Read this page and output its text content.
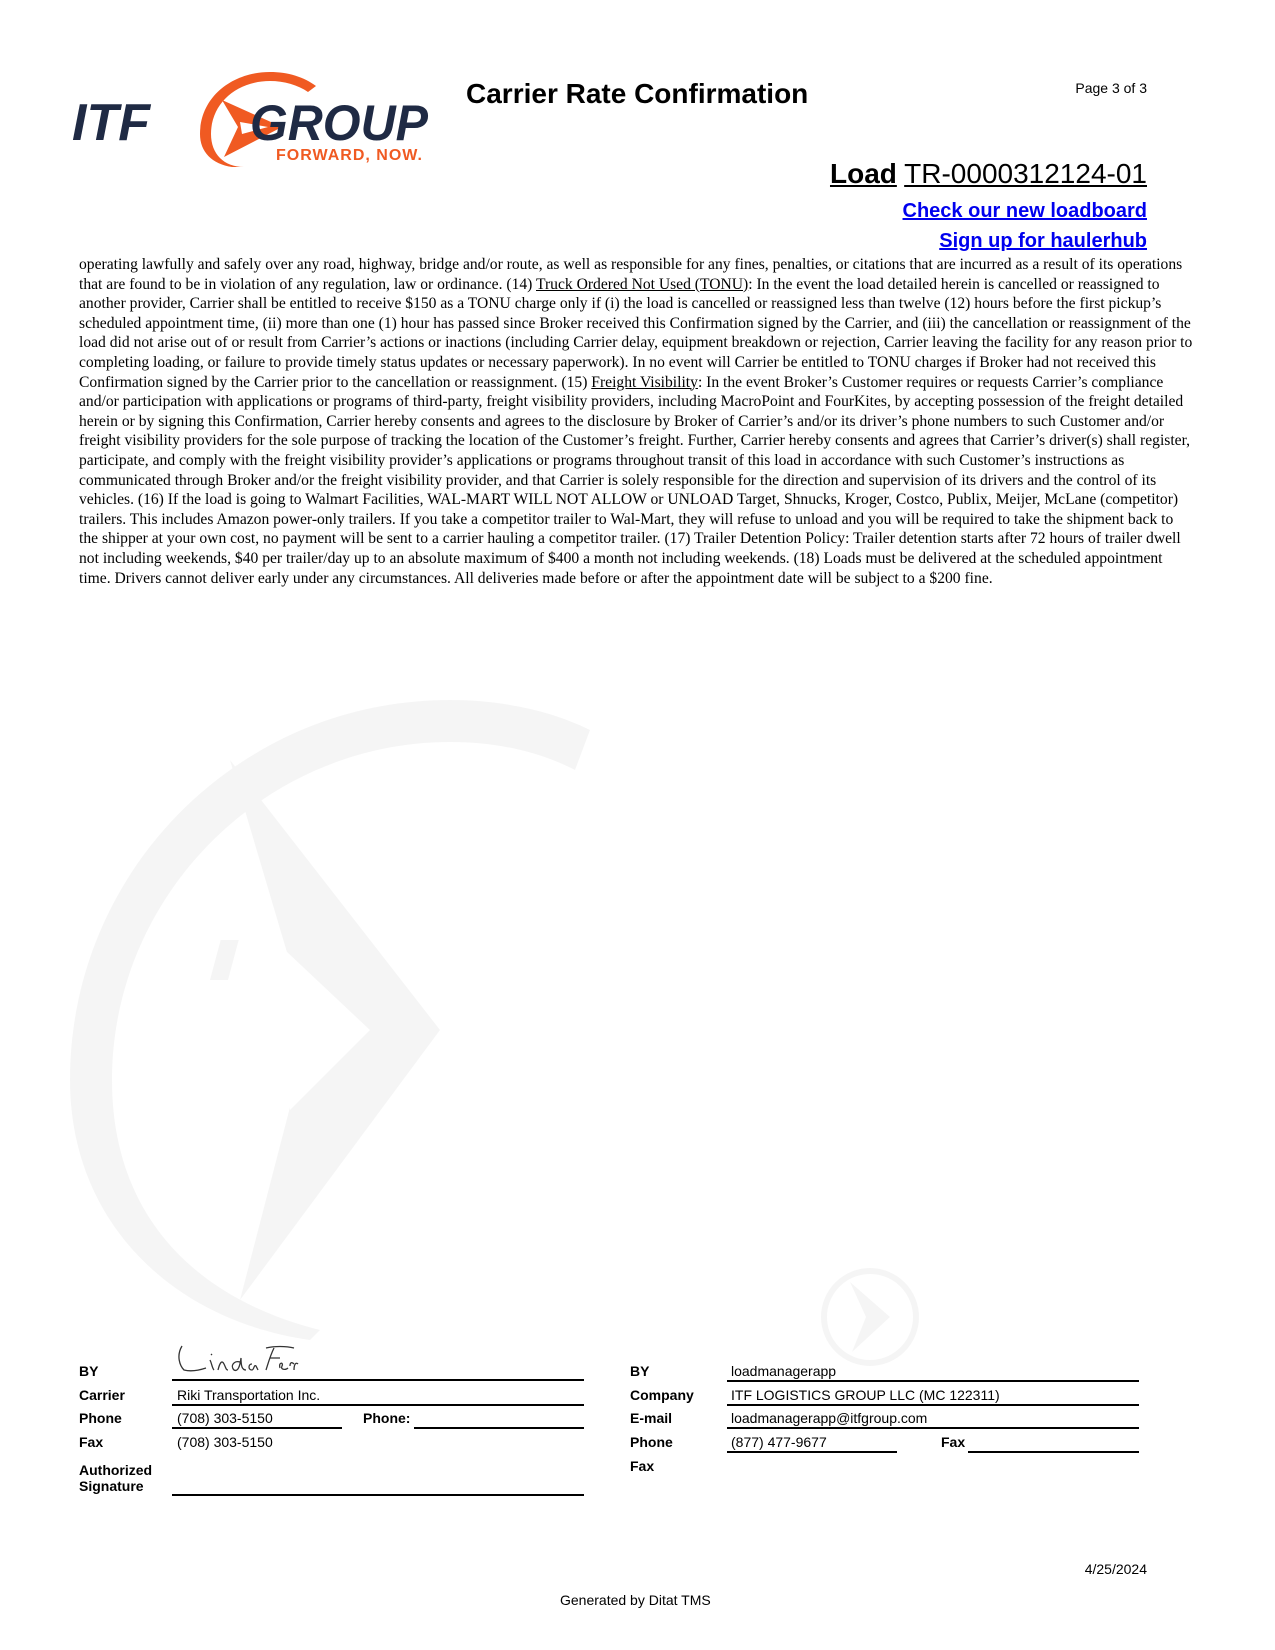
ITF GROUP
FORWARD, NOW.
Carrier Rate Confirmation	Page 3 of 3
Load TR-0000312124-01
Check our new loadboard
Sign up for haulerhub
operating lawfully and safely over any road, highway, bridge and/or route, as well as responsible for any fines, penalties, or citations that are incurred as a result of its operations that are found to be in violation of any regulation, law or ordinance. (14) Truck Ordered Not Used (TONU): In the event the load detailed herein is cancelled or reassigned to another provider, Carrier shall be entitled to receive $150 as a TONU charge only if (i) the load is cancelled or reassigned less than twelve (12) hours before the first pickup’s scheduled appointment time, (ii) more than one (1) hour has passed since Broker received this Confirmation signed by the Carrier, and (iii) the cancellation or reassignment of the load did not arise out of or result from Carrier’s actions or inactions (including Carrier delay, equipment breakdown or rejection, Carrier leaving the facility for any reason prior to completing loading, or failure to provide timely status updates or necessary paperwork). In no event will Carrier be entitled to TONU charges if Broker had not received this Confirmation signed by the Carrier prior to the cancellation or reassignment. (15) Freight Visibility: In the event Broker’s Customer requires or requests Carrier’s compliance and/or participation with applications or programs of third-party, freight visibility providers, including MacroPoint and FourKites, by accepting possession of the freight detailed herein or by signing this Confirmation, Carrier hereby consents and agrees to the disclosure by Broker of Carrier’s and/or its driver’s phone numbers to such Customer and/or freight visibility providers for the sole purpose of tracking the location of the Customer’s freight. Further, Carrier hereby consents and agrees that Carrier’s driver(s) shall register, participate, and comply with the freight visibility provider’s applications or programs throughout transit of this load in accordance with such Customer’s instructions as communicated through Broker and/or the freight visibility provider, and that Carrier is solely responsible for the direction and supervision of its drivers and the control of its vehicles. (16) If the load is going to Walmart Facilities, WAL-MART WILL NOT ALLOW or UNLOAD Target, Shnucks, Kroger, Costco, Publix, Meijer, McLane (competitor) trailers. This includes Amazon power-only trailers. If you take a competitor trailer to Wal-Mart, they will refuse to unload and you will be required to take the shipment back to the shipper at your own cost, no payment will be sent to a carrier hauling a competitor trailer. (17) Trailer Detention Policy: Trailer detention starts after 72 hours of trailer dwell not including weekends, $40 per trailer/day up to an absolute maximum of $400 a month not including weekends. (18) Loads must be delivered at the scheduled appointment time. Drivers cannot deliver early under any circumstances. All deliveries made before or after the appointment date will be subject to a $200 fine.
BY	Linda Ferrer
Carrier	Riki Transportation Inc.
Phone	(708) 303-5150	Phone:
Fax	(708) 303-5150
Authorized
Signature
BY	loadmanagerapp
Company	ITF LOGISTICS GROUP LLC (MC 122311)
E-mail	loadmanagerapp@itfgroup.com
Phone	(877) 477-9677	Fax
Fax
4/25/2024
Generated by Ditat TMS
